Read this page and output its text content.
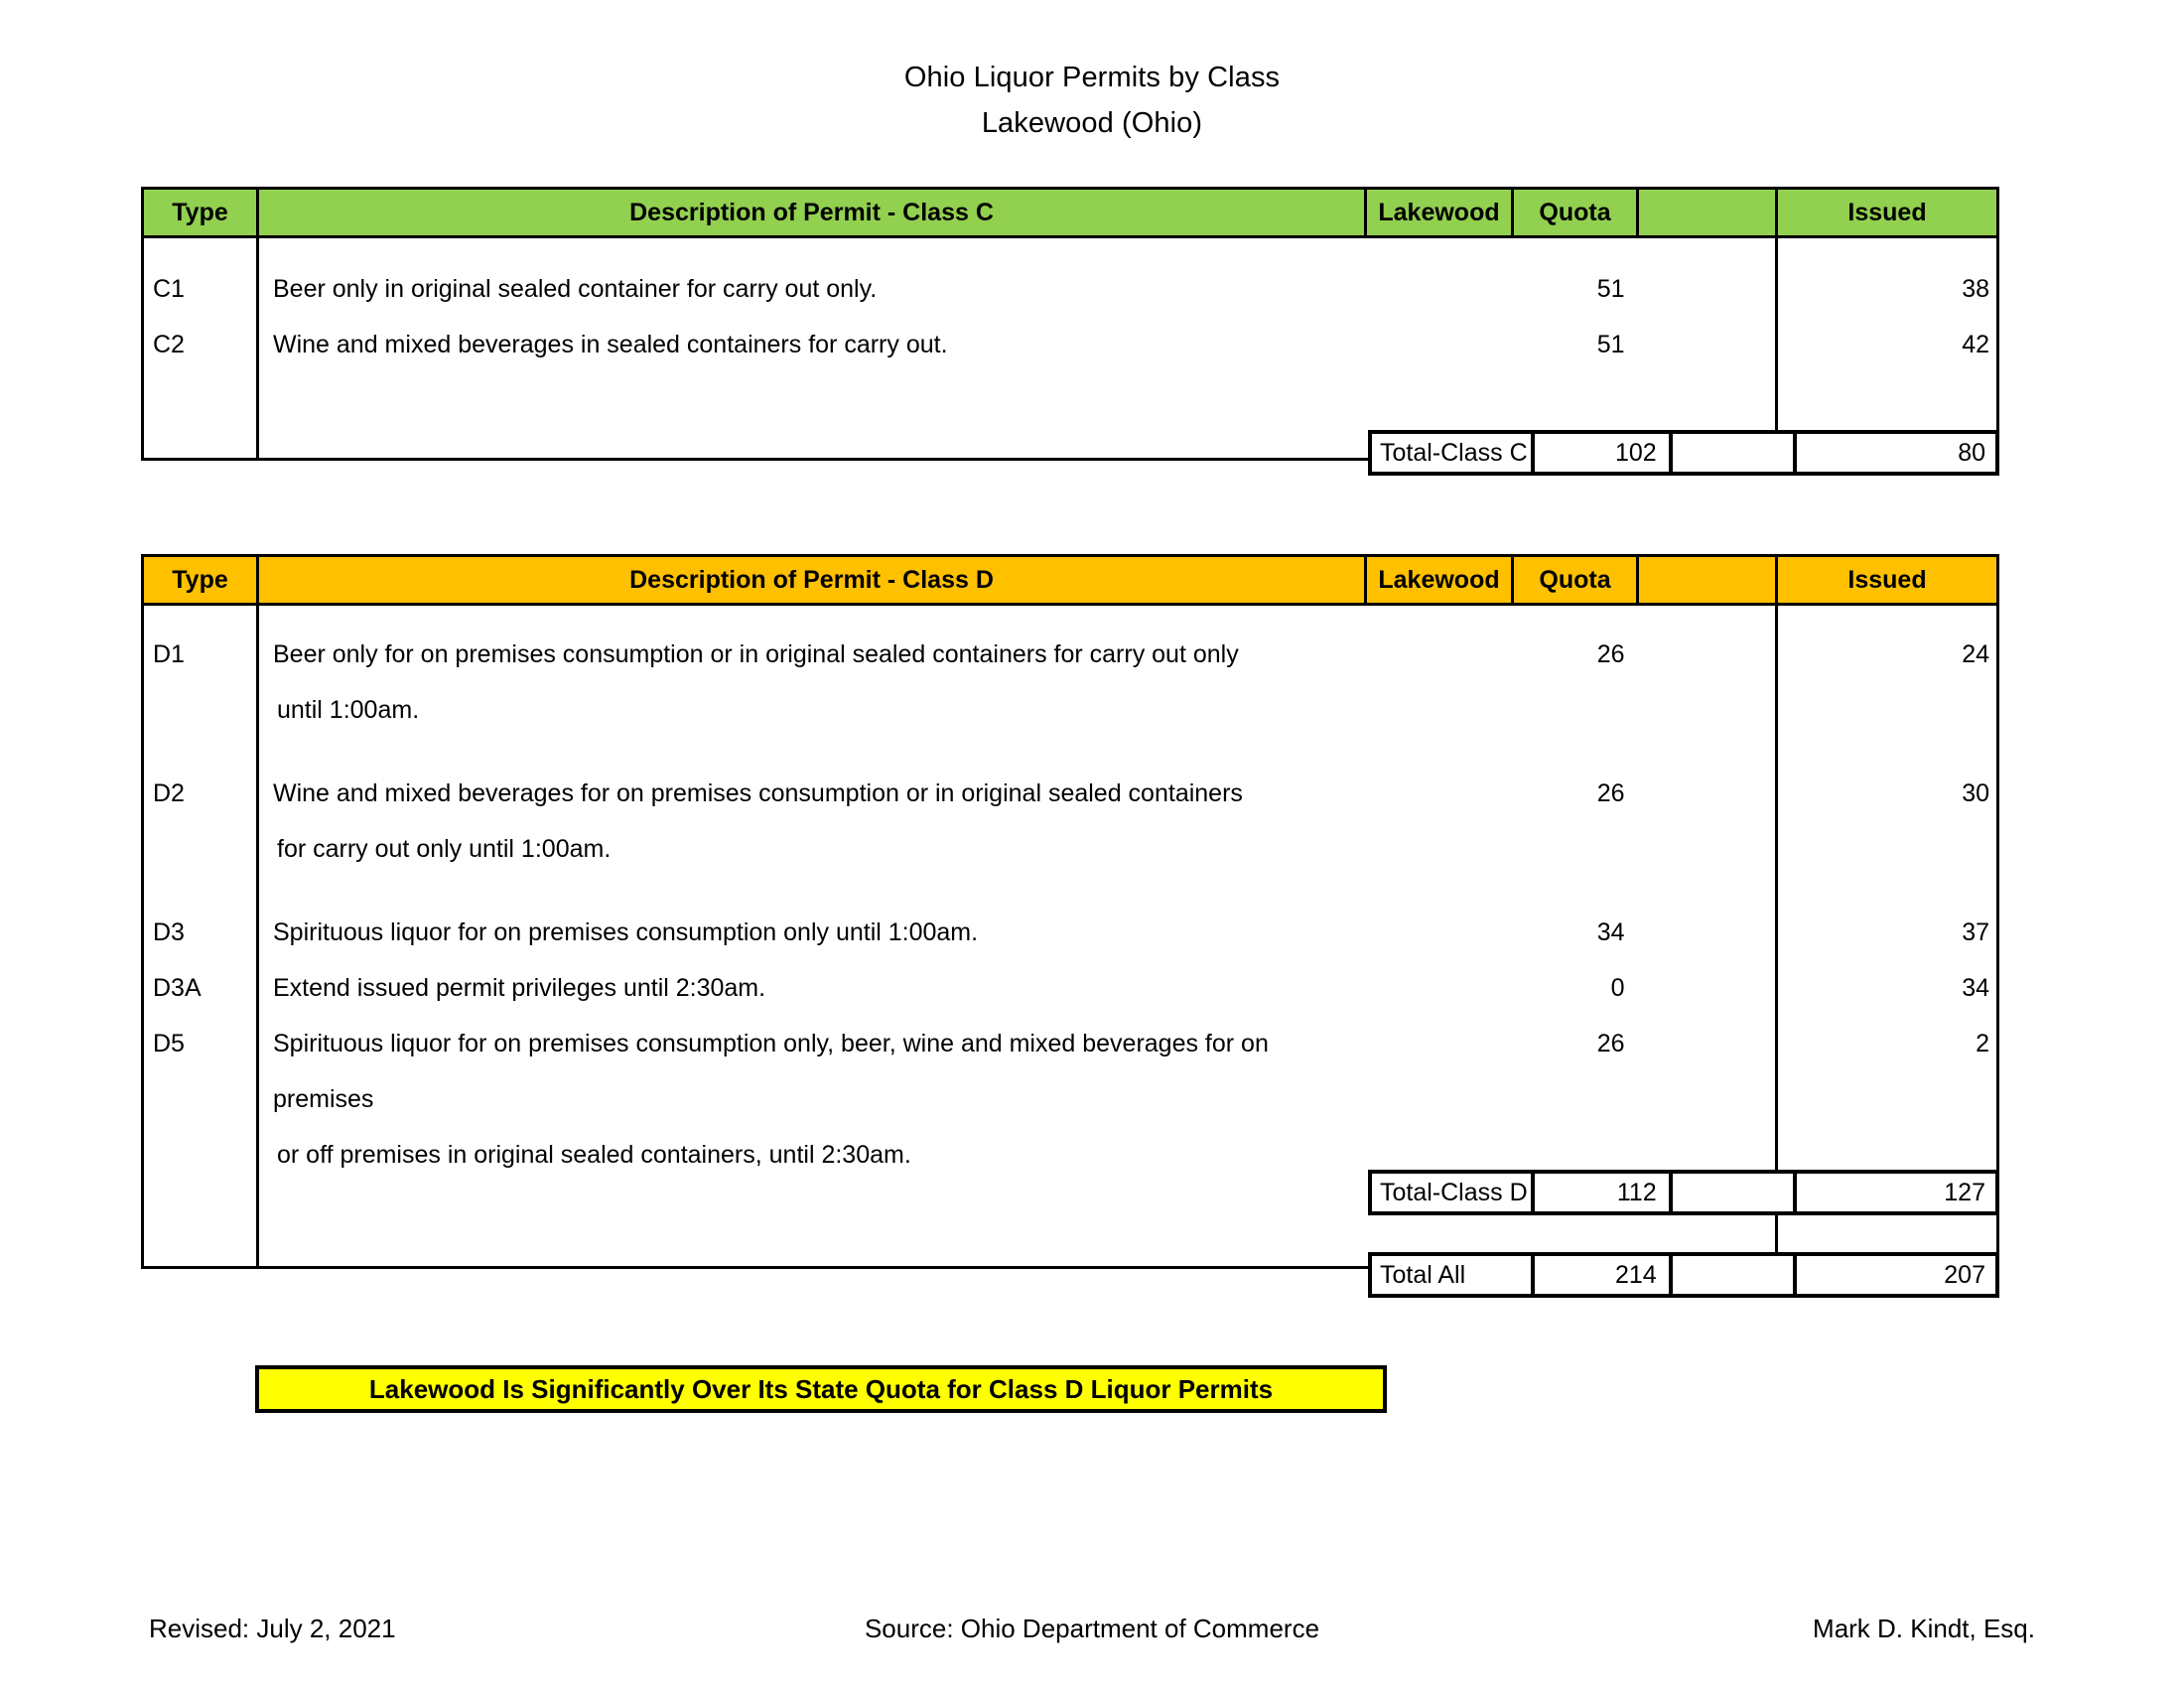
Ohio Liquor Permits by Class
Lakewood (Ohio)
Type	Description of Permit - Class C	Lakewood	Quota		Issued

C1	Beer only in original sealed container for carry out only.		51		38
C2	Wine and mixed beverages in sealed containers for carry out.		51		42

Total-Class C	102	80
Type	Description of Permit - Class D	Lakewood	Quota		Issued

D1	Beer only for on premises consumption or in original sealed containers for carry out only
until 1:00am.		26		24

D2	Wine and mixed beverages for on premises consumption or in original sealed containers
for carry out only until 1:00am.		26		30

D3	Spirituous liquor for on premises consumption only until 1:00am.		34		37
D3A	Extend issued permit privileges until 2:30am.		0		34
D5	Spirituous liquor for on premises consumption only, beer, wine and mixed beverages for on premises
or off premises in original sealed containers, until 2:30am.		26		2

Total-Class D	112	127
Total All	214	207
Lakewood Is Significantly Over Its State Quota for Class D Liquor Permits
Revised: July 2, 2021	Source: Ohio Department of Commerce	Mark D. Kindt, Esq.
